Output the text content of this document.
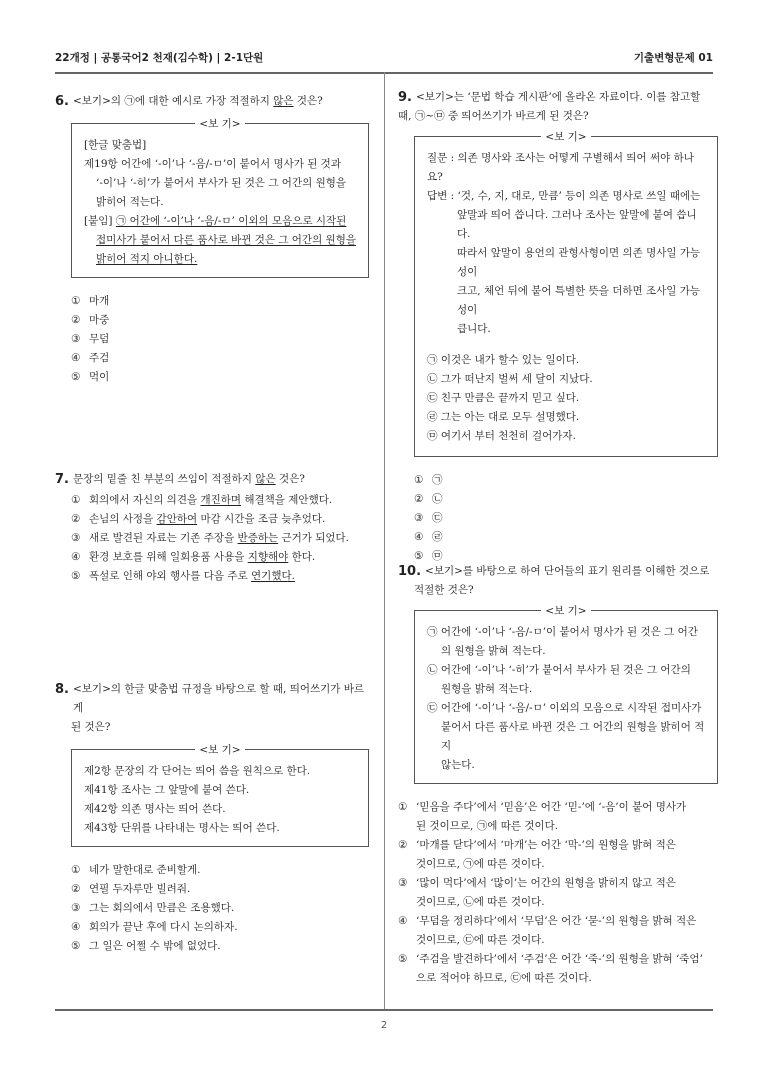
22개정 | 공통국어2 천재(김수학) | 2-1단원	기출변형문제 01
6. <보기>의 ㉠에 대한 예시로 가장 적절하지 않은 것은?
<보 기>
[한글 맞춤법]
제19항 어간에 ‘-이’나 ‘-음/-ㅁ’이 붙어서 명사가 된 것과
‘-이’나 ‘-히’가 붙어서 부사가 된 것은 그 어간의 원형을
밝히어 적는다.
[붙임] ㉠ 어간에 ‘-이’나 ‘-음/-ㅁ’ 이외의 모음으로 시작된
접미사가 붙어서 다른 품사로 바뀐 것은 그 어간의 원형을
밝히어 적지 아니한다.
① 마개
② 마중
③ 무덤
④ 주검
⑤ 먹이
7. 문장의 밑줄 친 부분의 쓰임이 적절하지 않은 것은?
① 회의에서 자신의 의견을 개진하며 해결책을 제안했다.
② 손님의 사정을 감안하여 마감 시간을 조금 늦추었다.
③ 새로 발견된 자료는 기존 주장을 반증하는 근거가 되었다.
④ 환경 보호를 위해 일회용품 사용을 지향해야 한다.
⑤ 폭설로 인해 야외 행사를 다음 주로 연기했다.
8. <보기>의 한글 맞춤법 규정을 바탕으로 할 때, 띄어쓰기가 바르게
된 것은?
<보 기>
제2항 문장의 각 단어는 띄어 씀을 원칙으로 한다.
제41항 조사는 그 앞말에 붙여 쓴다.
제42항 의존 명사는 띄어 쓴다.
제43항 단위를 나타내는 명사는 띄어 쓴다.
① 네가 말한대로 준비할게.
② 연필 두자루만 빌려줘.
③ 그는 회의에서 만큼은 조용했다.
④ 회의가 끝난 후에 다시 논의하자.
⑤ 그 일은 어쩔 수 밖에 없었다.
9. <보기>는 ‘문법 학습 게시판’에 올라온 자료이다. 이를 참고할
때, ㉠~㉤ 중 띄어쓰기가 바르게 된 것은?
<보 기>
질문 : 의존 명사와 조사는 어떻게 구별해서 띄어 써야 하나요?
답변 : ‘것, 수, 지, 대로, 만큼’ 등이 의존 명사로 쓰일 때에는
앞말과 띄어 씁니다. 그러나 조사는 앞말에 붙여 씁니다.
따라서 앞말이 용언의 관형사형이면 의존 명사일 가능성이
크고, 체언 뒤에 붙어 특별한 뜻을 더하면 조사일 가능성이
큽니다.
㉠ 이것은 내가 할수 있는 일이다.
㉡ 그가 떠난지 벌써 세 달이 지났다.
㉢ 친구 만큼은 끝까지 믿고 싶다.
㉣ 그는 아는 대로 모두 설명했다.
㉤ 여기서 부터 천천히 걸어가자.
① ㉠
② ㉡
③ ㉢
④ ㉣
⑤ ㉤
10. <보기>를 바탕으로 하여 단어들의 표기 원리를 이해한 것으로
적절한 것은?
<보 기>
㉠ 어간에 ‘-이’나 ‘-음/-ㅁ’이 붙어서 명사가 된 것은 그 어간
의 원형을 밝혀 적는다.
㉡ 어간에 ‘-이’나 ‘-히’가 붙어서 부사가 된 것은 그 어간의
원형을 밝혀 적는다.
㉢ 어간에 ‘-이’나 ‘-음/-ㅁ’ 이외의 모음으로 시작된 접미사가
붙어서 다른 품사로 바뀐 것은 그 어간의 원형을 밝히어 적지
않는다.
① ‘믿음을 주다’에서 ‘믿음’은 어간 ‘믿-’에 ‘-음’이 붙어 명사가
된 것이므로, ㉠에 따른 것이다.
② ‘마개를 닫다’에서 ‘마개’는 어간 ‘막-’의 원형을 밝혀 적은
것이므로, ㉠에 따른 것이다.
③ ‘많이 먹다’에서 ‘많이’는 어간의 원형을 밝히지 않고 적은
것이므로, ㉡에 따른 것이다.
④ ‘무덤을 정리하다’에서 ‘무덤’은 어간 ‘묻-’의 원형을 밝혀 적은
것이므로, ㉢에 따른 것이다.
⑤ ‘주검을 발견하다’에서 ‘주검’은 어간 ‘죽-’의 원형을 밝혀 ‘죽엄’
으로 적어야 하므로, ㉢에 따른 것이다.
2
